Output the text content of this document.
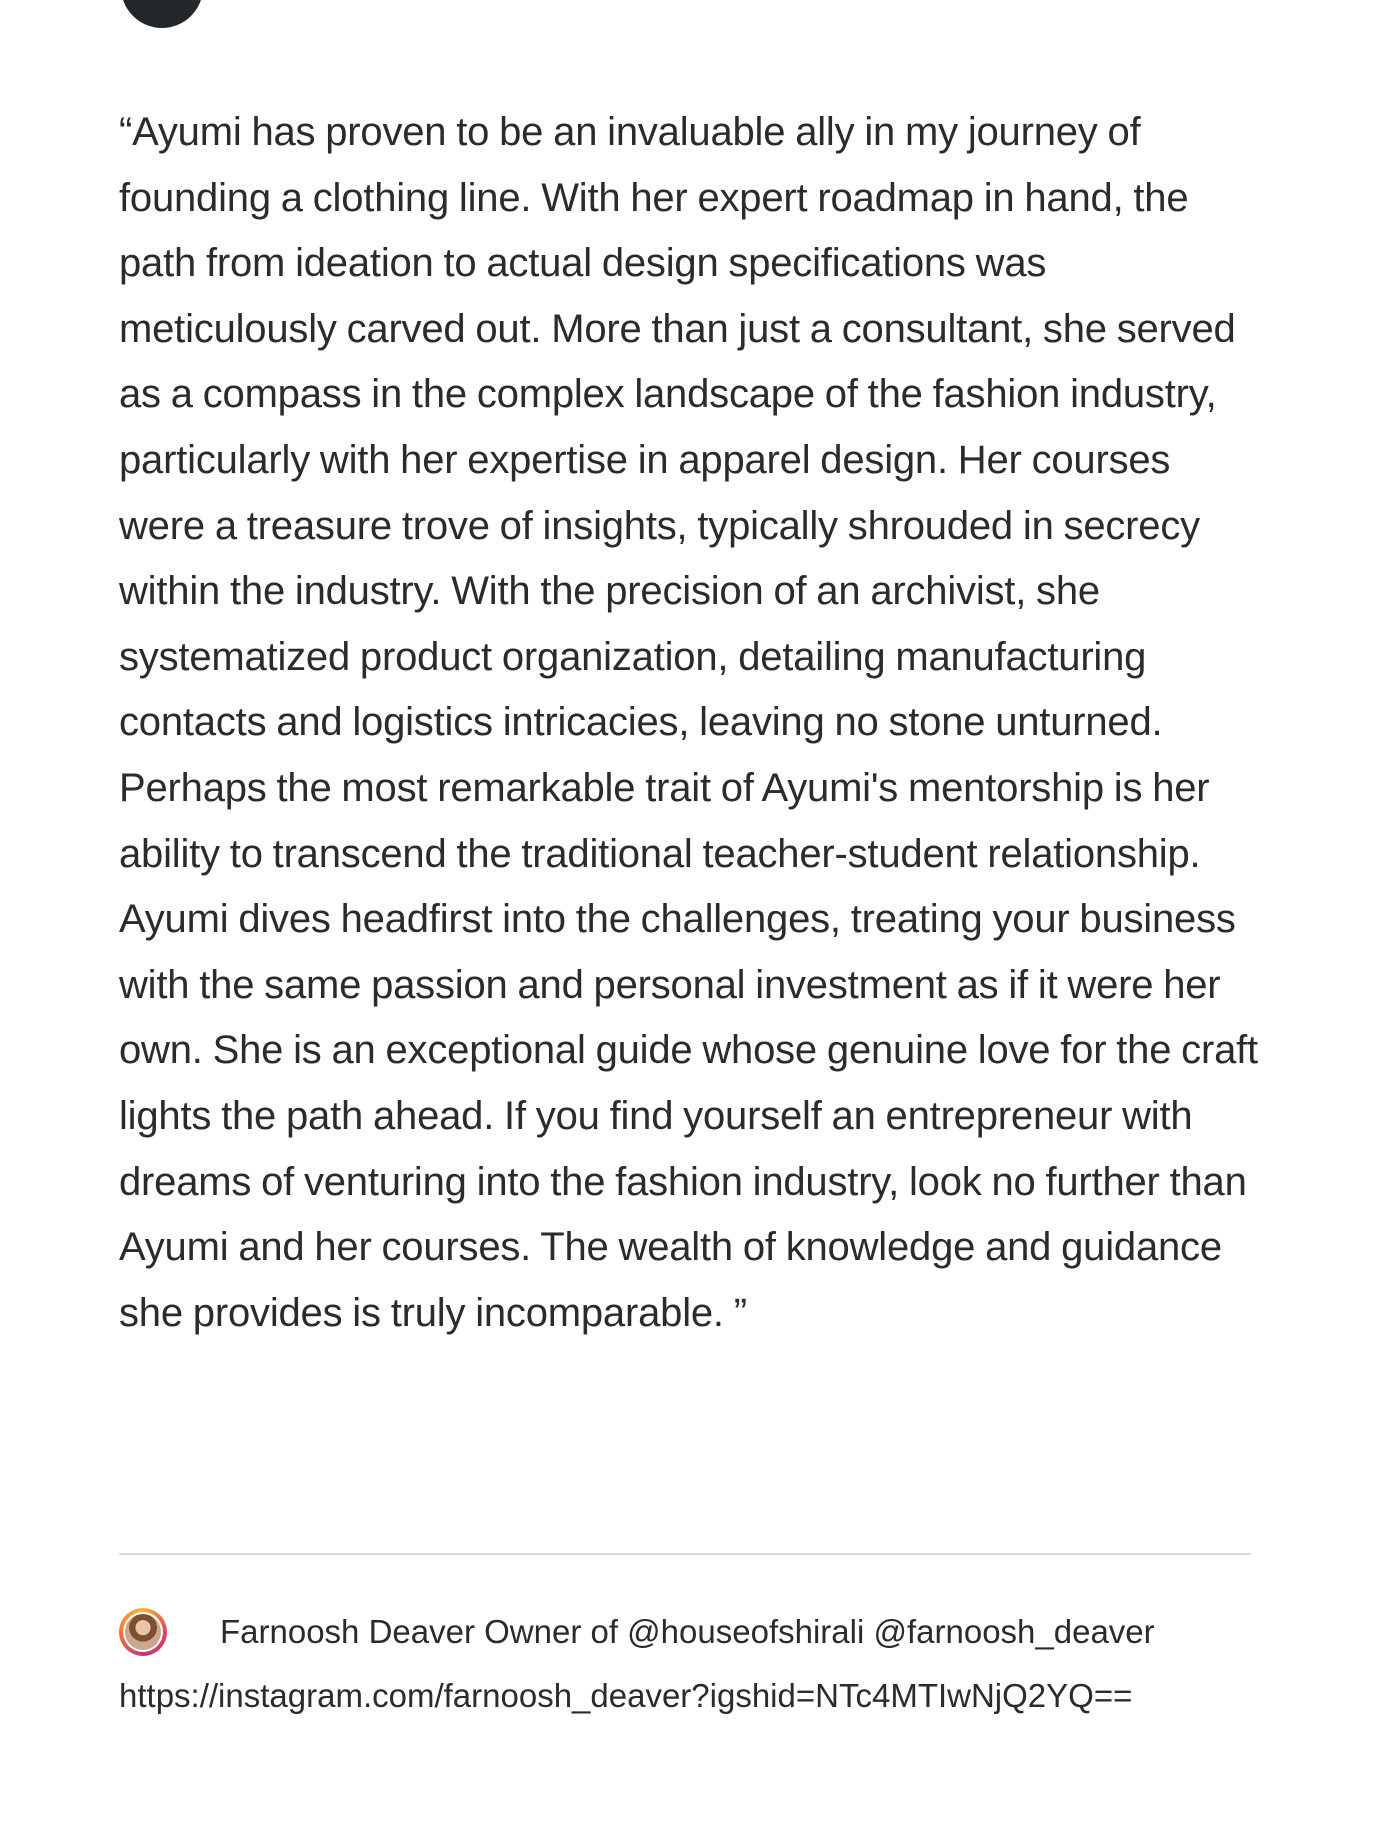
“Ayumi has proven to be an invaluable ally in my journey of founding a clothing line. With her expert roadmap in hand, the path from ideation to actual design specifications was meticulously carved out. More than just a consultant, she served as a compass in the complex landscape of the fashion industry, particularly with her expertise in apparel design. Her courses were a treasure trove of insights, typically shrouded in secrecy within the industry. With the precision of an archivist, she systematized product organization, detailing manufacturing contacts and logistics intricacies, leaving no stone unturned. Perhaps the most remarkable trait of Ayumi's mentorship is her ability to transcend the traditional teacher-student relationship. Ayumi dives headfirst into the challenges, treating your business with the same passion and personal investment as if it were her own. She is an exceptional guide whose genuine love for the craft lights the path ahead. If you find yourself an entrepreneur with dreams of venturing into the fashion industry, look no further than Ayumi and her courses. The wealth of knowledge and guidance she provides is truly incomparable. ”

Farnoosh Deaver Owner of @houseofshirali @farnoosh_deaver
https://instagram.com/farnoosh_deaver?igshid=NTc4MTIwNjQ2YQ==
